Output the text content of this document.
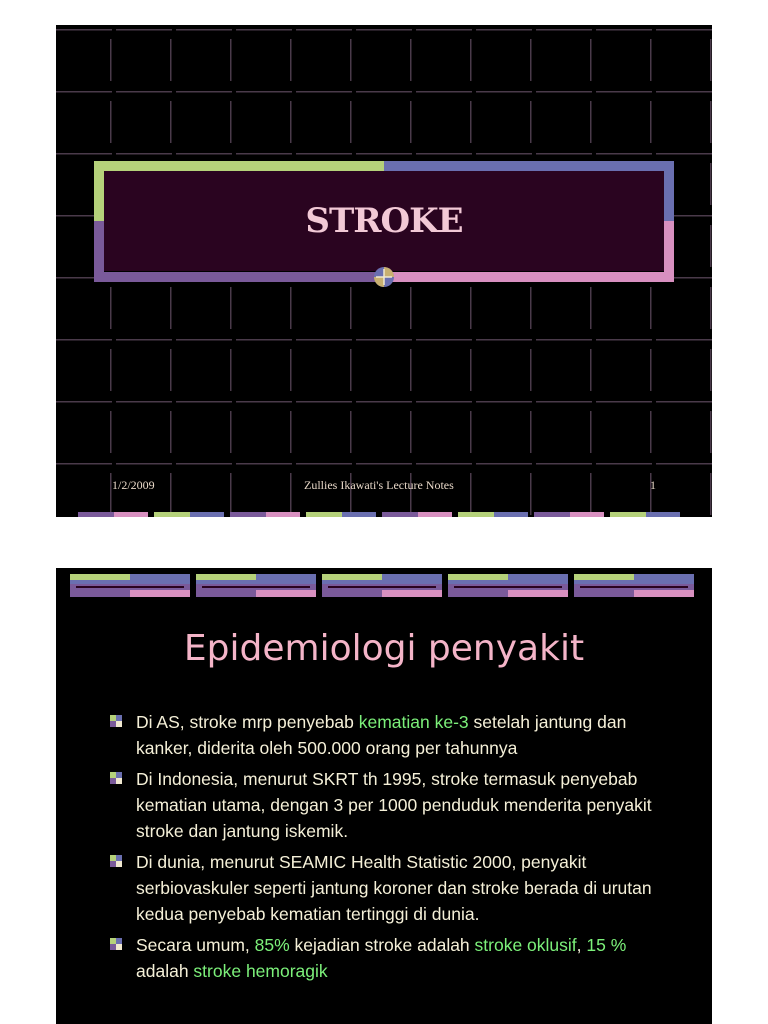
STROKE
1/2/2009	Zullies Ikawati's Lecture Notes	1
Epidemiologi penyakit
Di AS, stroke mrp penyebab kematian ke-3 setelah jantung dan kanker, diderita oleh 500.000 orang per tahunnya
Di Indonesia, menurut SKRT th 1995, stroke termasuk penyebab kematian utama, dengan 3 per 1000 penduduk menderita penyakit stroke dan jantung iskemik.
Di dunia, menurut SEAMIC Health Statistic 2000, penyakit serbiovaskuler seperti jantung koroner dan stroke berada di urutan kedua penyebab kematian tertinggi di dunia.
Secara umum, 85% kejadian stroke adalah stroke oklusif, 15 % adalah stroke hemoragik
